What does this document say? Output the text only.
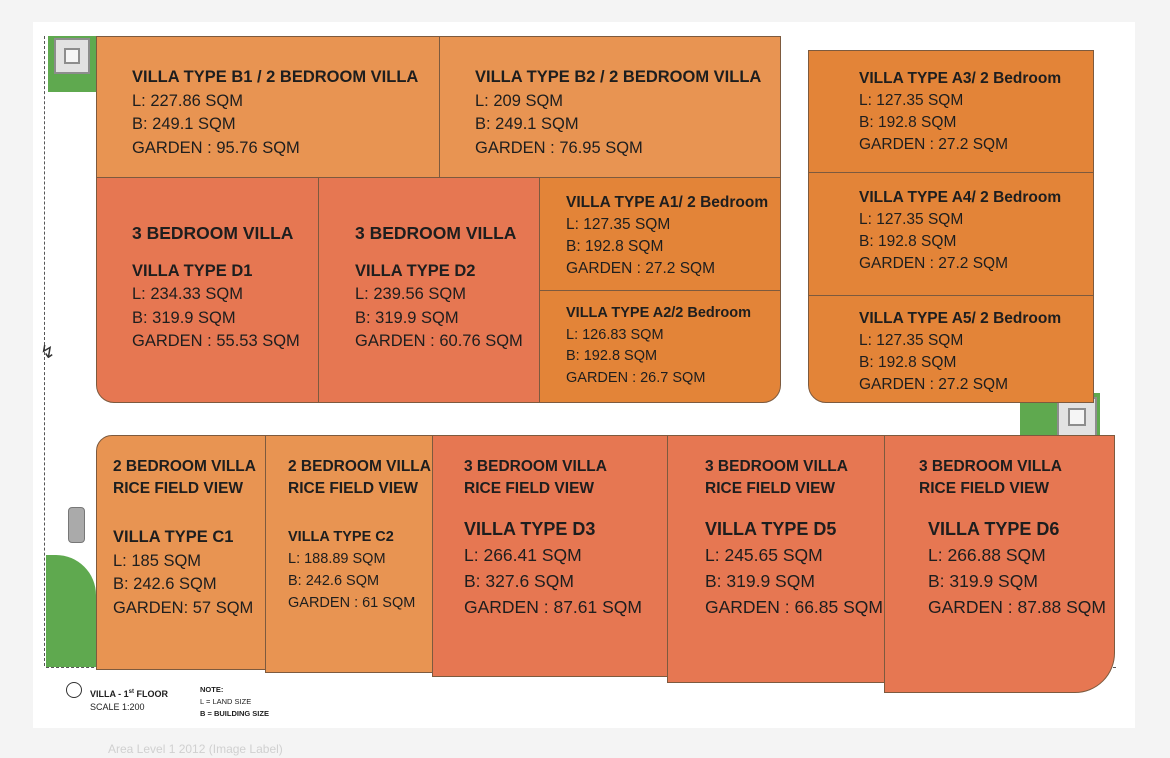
VILLA TYPE B1 / 2 BEDROOM VILLA
L: 227.86 SQM
B: 249.1 SQM
GARDEN : 95.76 SQM
VILLA TYPE B2 / 2 BEDROOM VILLA
L: 209 SQM
B: 249.1 SQM
GARDEN : 76.95 SQM
VILLA TYPE A3/ 2 Bedroom
L: 127.35 SQM
B: 192.8 SQM
GARDEN : 27.2 SQM
VILLA TYPE A4/ 2 Bedroom
L: 127.35 SQM
B: 192.8 SQM
GARDEN : 27.2 SQM
VILLA TYPE A5/ 2 Bedroom
L: 127.35 SQM
B: 192.8 SQM
GARDEN : 27.2 SQM
3 BEDROOM VILLA
VILLA TYPE D1
L: 234.33 SQM
B: 319.9 SQM
GARDEN : 55.53 SQM
3 BEDROOM VILLA
VILLA TYPE D2
L: 239.56 SQM
B: 319.9 SQM
GARDEN : 60.76 SQM
VILLA TYPE A1/ 2 Bedroom
L: 127.35 SQM
B: 192.8 SQM
GARDEN : 27.2 SQM
VILLA TYPE A2/2 Bedroom
L: 126.83 SQM
B: 192.8 SQM
GARDEN : 26.7 SQM
2 BEDROOM VILLA
RICE FIELD VIEW
VILLA TYPE C1
L: 185 SQM
B: 242.6 SQM
GARDEN: 57 SQM
2 BEDROOM VILLA
RICE FIELD VIEW
VILLA TYPE C2
L: 188.89 SQM
B: 242.6 SQM
GARDEN : 61 SQM
3 BEDROOM VILLA
RICE FIELD VIEW
VILLA TYPE D3
L: 266.41 SQM
B: 327.6 SQM
GARDEN : 87.61 SQM
3 BEDROOM VILLA
RICE FIELD VIEW
VILLA TYPE D5
L: 245.65 SQM
B: 319.9 SQM
GARDEN : 66.85 SQM
3 BEDROOM VILLA
RICE FIELD VIEW
VILLA TYPE D6
L: 266.88 SQM
B: 319.9 SQM
GARDEN : 87.88 SQM
↯
VILLA - 1st FLOOR
SCALE 1:200
NOTE:
L = LAND SIZE
B = BUILDING SIZE
Area Level 1 2012 (Image Label)
